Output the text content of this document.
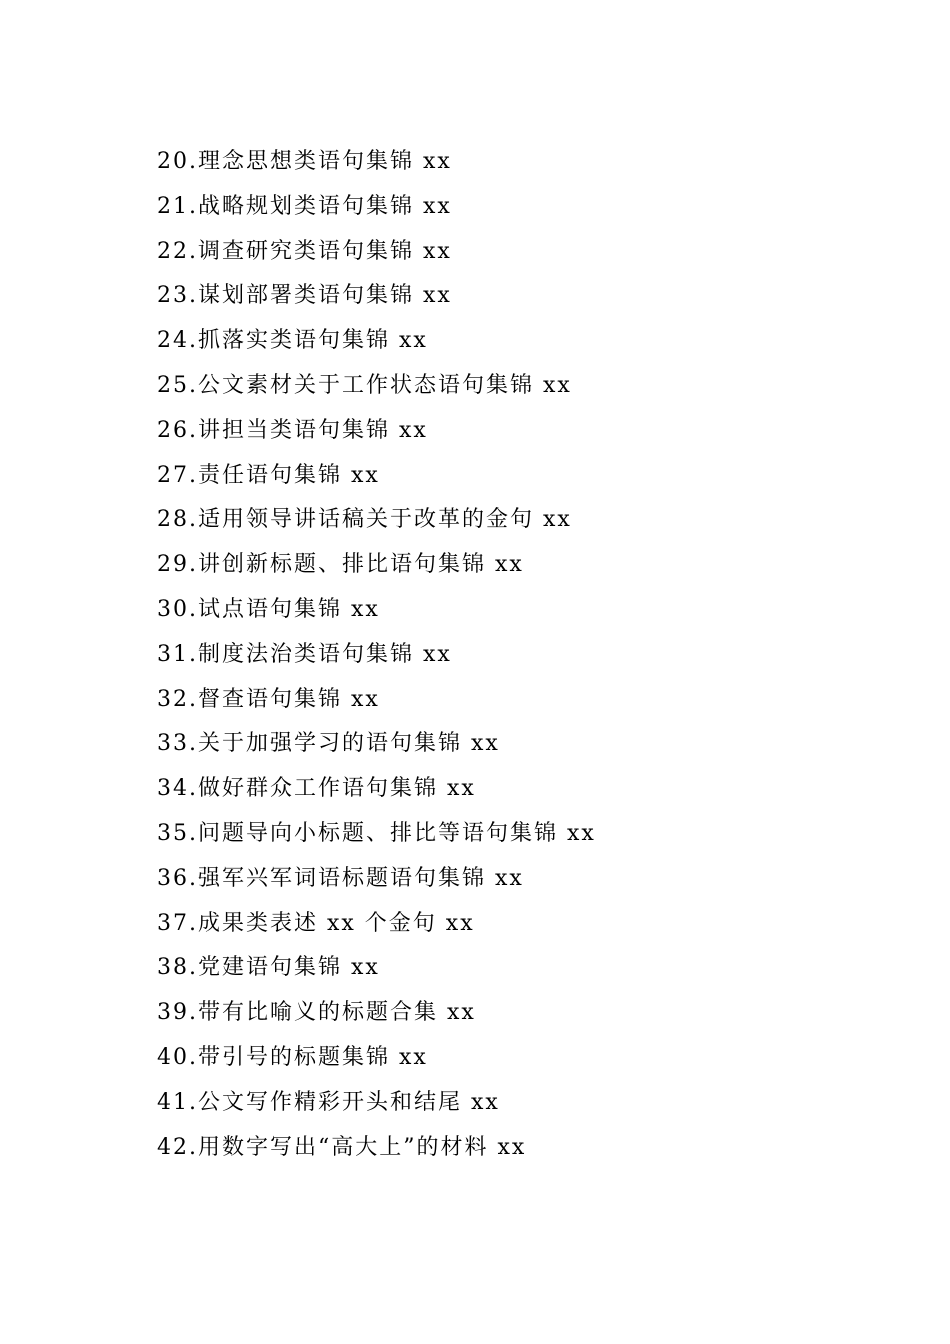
20.理念思想类语句集锦 xx
21.战略规划类语句集锦 xx
22.调查研究类语句集锦 xx
23.谋划部署类语句集锦 xx
24.抓落实类语句集锦 xx
25.公文素材关于工作状态语句集锦 xx
26.讲担当类语句集锦 xx
27.责任语句集锦 xx
28.适用领导讲话稿关于改革的金句 xx
29.讲创新标题、排比语句集锦 xx
30.试点语句集锦 xx
31.制度法治类语句集锦 xx
32.督查语句集锦 xx
33.关于加强学习的语句集锦 xx
34.做好群众工作语句集锦 xx
35.问题导向小标题、排比等语句集锦 xx
36.强军兴军词语标题语句集锦 xx
37.成果类表述 xx 个金句 xx
38.党建语句集锦 xx
39.带有比喻义的标题合集 xx
40.带引号的标题集锦 xx
41.公文写作精彩开头和结尾 xx
42.用数字写出“高大上”的材料 xx
